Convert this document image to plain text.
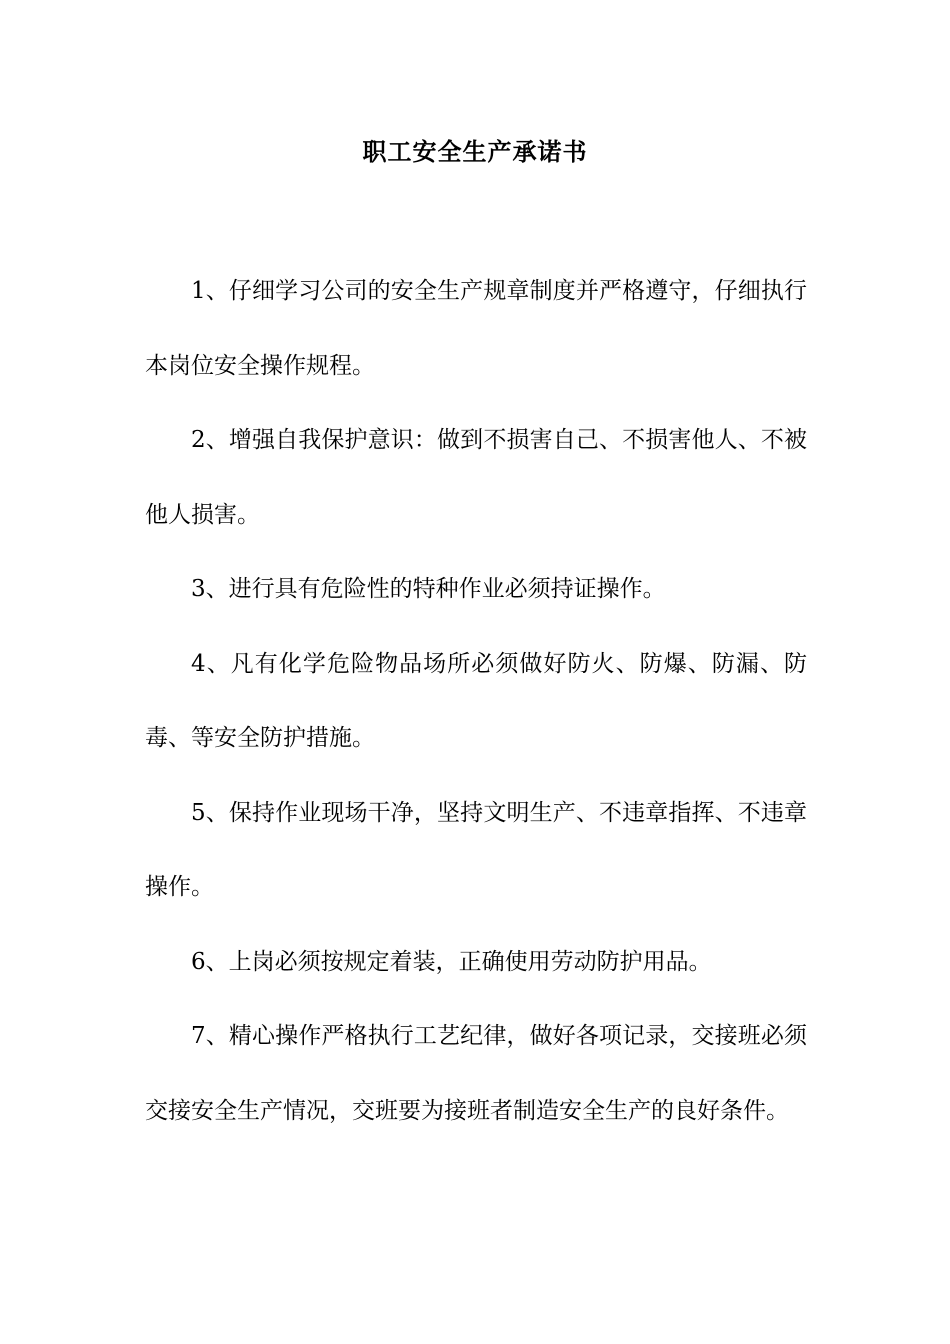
职工安全生产承诺书

1、仔细学习公司的安全生产规章制度并严格遵守，仔细执行本岗位安全操作规程。

2、增强自我保护意识：做到不损害自己、不损害他人、不被他人损害。

3、进行具有危险性的特种作业必须持证操作。

4、凡有化学危险物品场所必须做好防火、防爆、防漏、防毒、等安全防护措施。

5、保持作业现场干净，坚持文明生产、不违章指挥、不违章操作。

6、上岗必须按规定着装，正确使用劳动防护用品。

7、精心操作严格执行工艺纪律，做好各项记录，交接班必须交接安全生产情况，交班要为接班者制造安全生产的良好条件。
